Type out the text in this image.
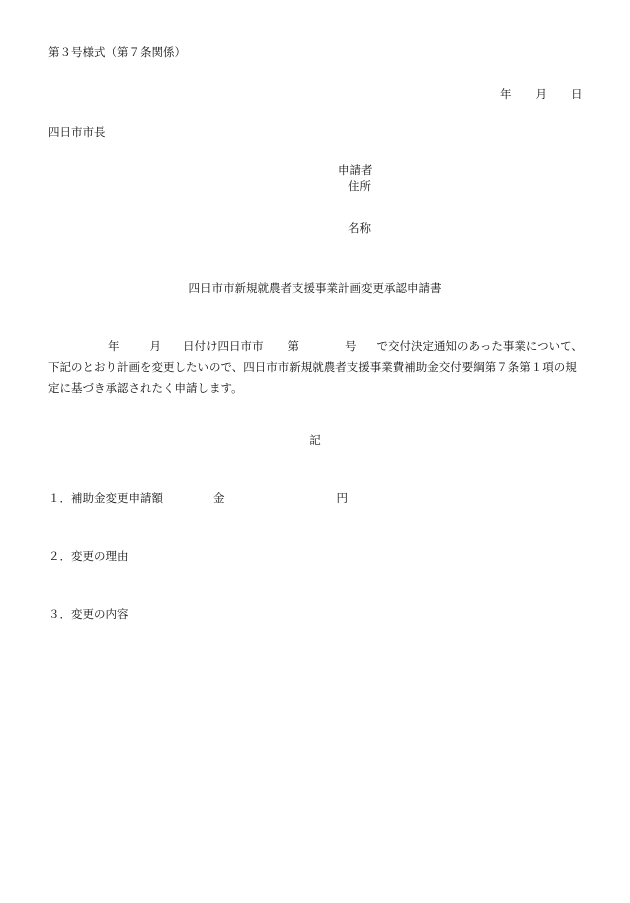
第３号様式（第７条関係）
年 月 日
四日市市長
申請者
住所
名称
四日市市新規就農者支援事業計画変更承認申請書
年	月 日付け四日市市 第	号 で交付決定通知のあった事業について、
下記のとおり計画を変更したいので、四日市市新規就農者支援事業費補助金交付要綱第７条第１項の規
定に基づき承認されたく申請します。
記
１．補助金変更申請額	金	円
２．変更の理由
３．変更の内容
